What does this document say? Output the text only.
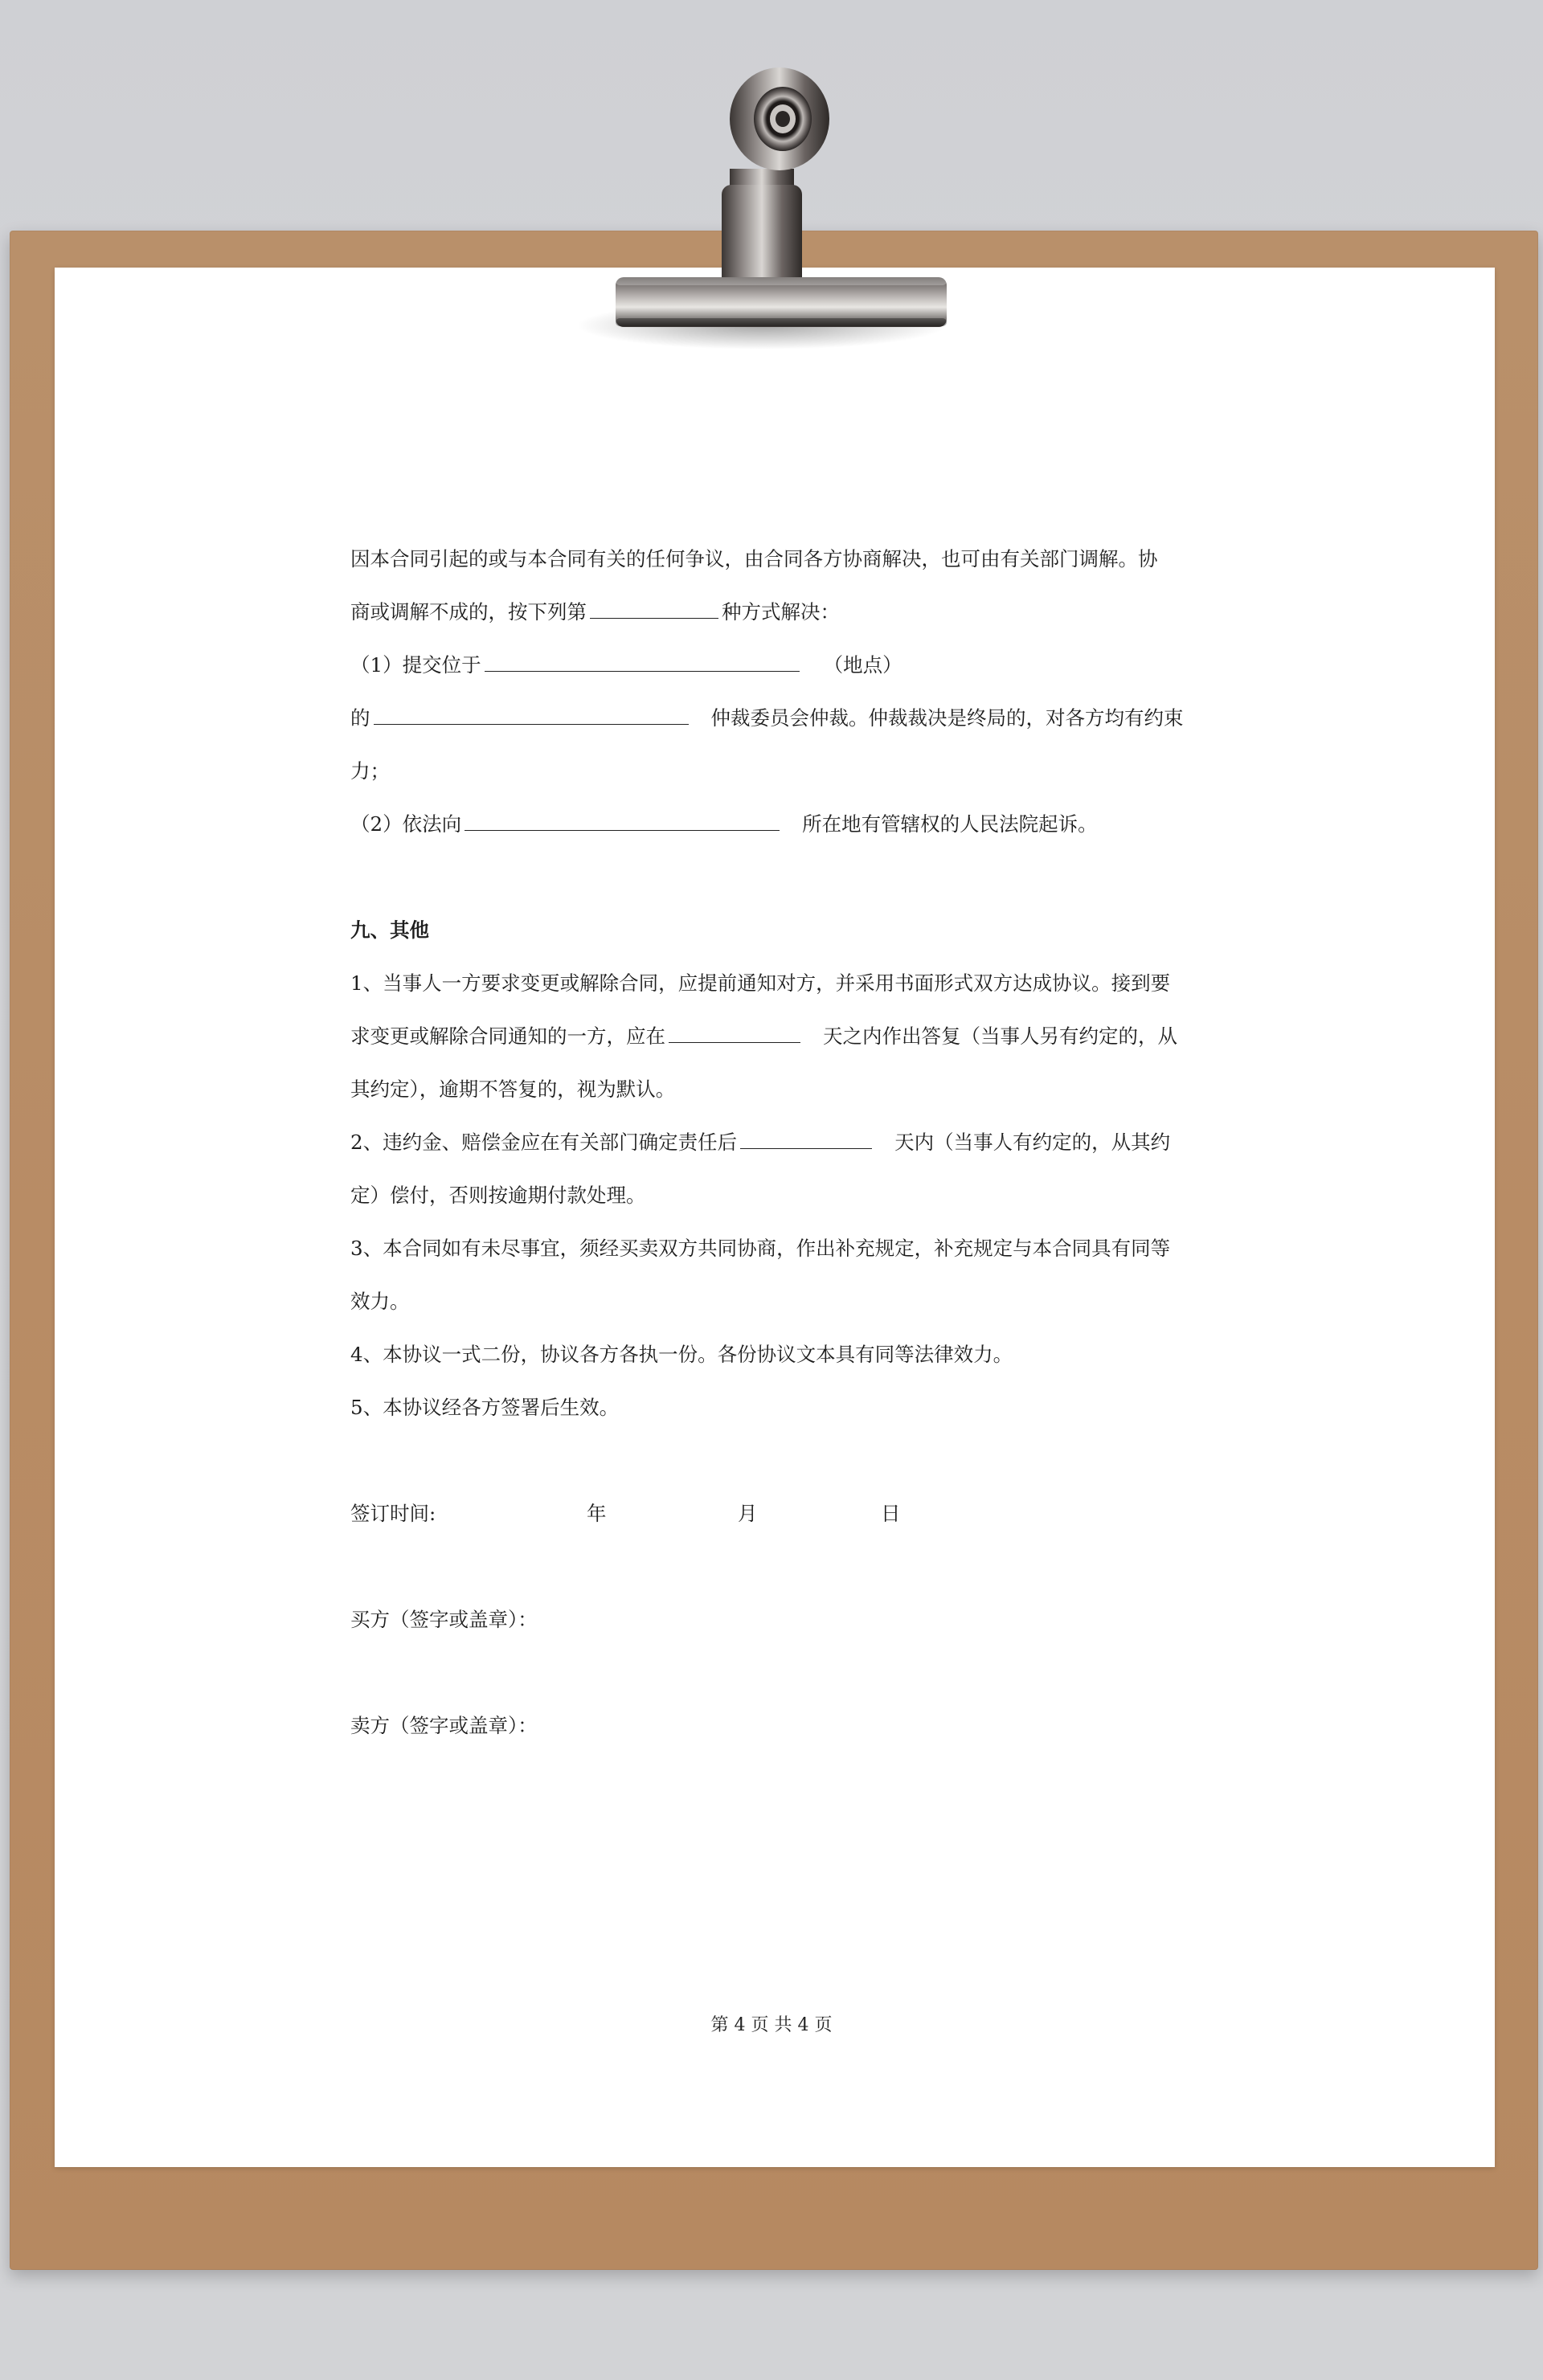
因本合同引起的或与本合同有关的任何争议，由合同各方协商解决，也可由有关部门调解。协
商或调解不成的，按下列第	种方式解决：
（1）提交位于	（地点）
的	仲裁委员会仲裁。仲裁裁决是终局的，对各方均有约束
力；
（2）依法向	所在地有管辖权的人民法院起诉。
九、其他
1、当事人一方要求变更或解除合同，应提前通知对方，并采用书面形式双方达成协议。接到要
求变更或解除合同通知的一方，应在	天之内作出答复（当事人另有约定的，从
其约定），逾期不答复的，视为默认。
2、违约金、赔偿金应在有关部门确定责任后	天内（当事人有约定的，从其约
定）偿付，否则按逾期付款处理。
3、本合同如有未尽事宜，须经买卖双方共同协商，作出补充规定，补充规定与本合同具有同等
效力。
4、本协议一式二份，协议各方各执一份。各份协议文本具有同等法律效力。
5、本协议经各方签署后生效。
签订时间:	年	月	日
买方（签字或盖章）：
卖方（签字或盖章）：
第 4 页 共 4 页
